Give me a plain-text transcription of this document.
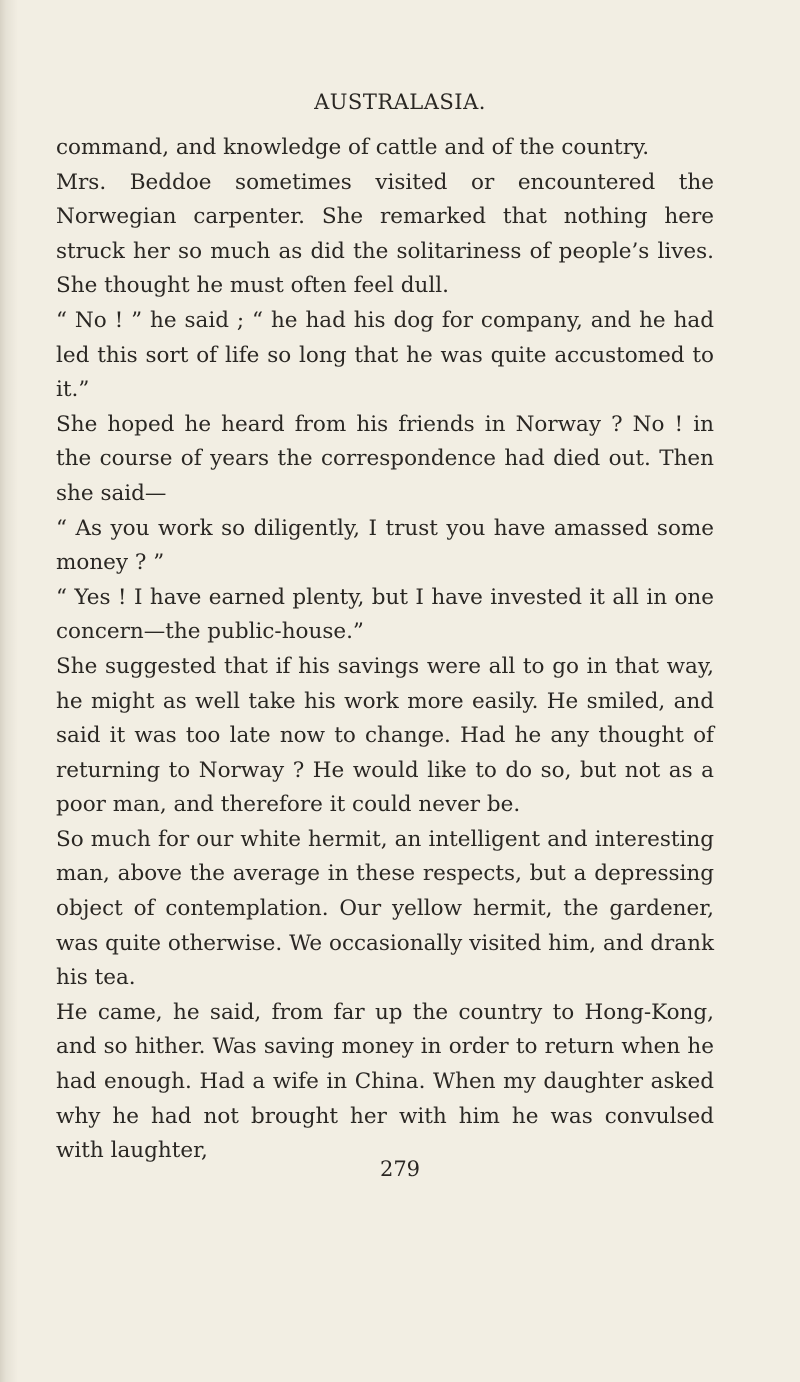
AUSTRALASIA.

command, and knowledge of cattle and of the country.

Mrs. Beddoe sometimes visited or encountered the Norwegian carpenter. She remarked that nothing here struck her so much as did the solitariness of people’s lives. She thought he must often feel dull.

“ No ! ” he said ; “ he had his dog for company, and he had led this sort of life so long that he was quite accustomed to it.”

She hoped he heard from his friends in Norway ? No ! in the course of years the correspondence had died out. Then she said—

“ As you work so diligently, I trust you have amassed some money ? ”

“ Yes ! I have earned plenty, but I have invested it all in one concern—the public-house.”

She suggested that if his savings were all to go in that way, he might as well take his work more easily. He smiled, and said it was too late now to change. Had he any thought of returning to Norway ? He would like to do so, but not as a poor man, and therefore it could never be.

So much for our white hermit, an intelligent and interesting man, above the average in these respects, but a depressing object of contemplation. Our yellow hermit, the gardener, was quite otherwise. We occasionally visited him, and drank his tea.

He came, he said, from far up the country to Hong-Kong, and so hither. Was saving money in order to return when he had enough. Had a wife in China. When my daughter asked why he had not brought her with him he was convulsed with laughter,

279
